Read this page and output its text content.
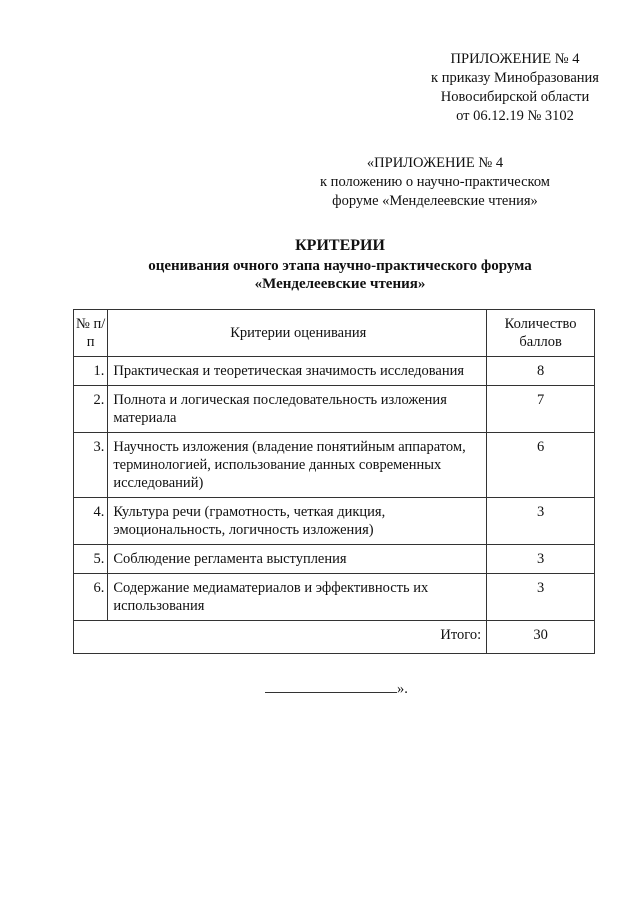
ПРИЛОЖЕНИЕ № 4
к приказу Минобразования
Новосибирской области
от 06.12.19 № 3102
«ПРИЛОЖЕНИЕ № 4
к положению о научно-практическом
форуме «Менделеевские чтения»
КРИТЕРИИ
оценивания очного этапа научно-практического форума
«Менделеевские чтения»
№ п/п	Критерии оценивания	Количество баллов
1.	Практическая и теоретическая значимость исследования	8
2.	Полнота и логическая последовательность изложения материала	7
3.	Научность изложения (владение понятийным аппаратом, терминологией, использование данных современных исследований)	6
4.	Культура речи (грамотность, четкая дикция, эмоциональность, логичность изложения)	3
5.	Соблюдение регламента выступления	3
6.	Содержание медиаматериалов и эффективность их использования	3
Итого:		30
».
